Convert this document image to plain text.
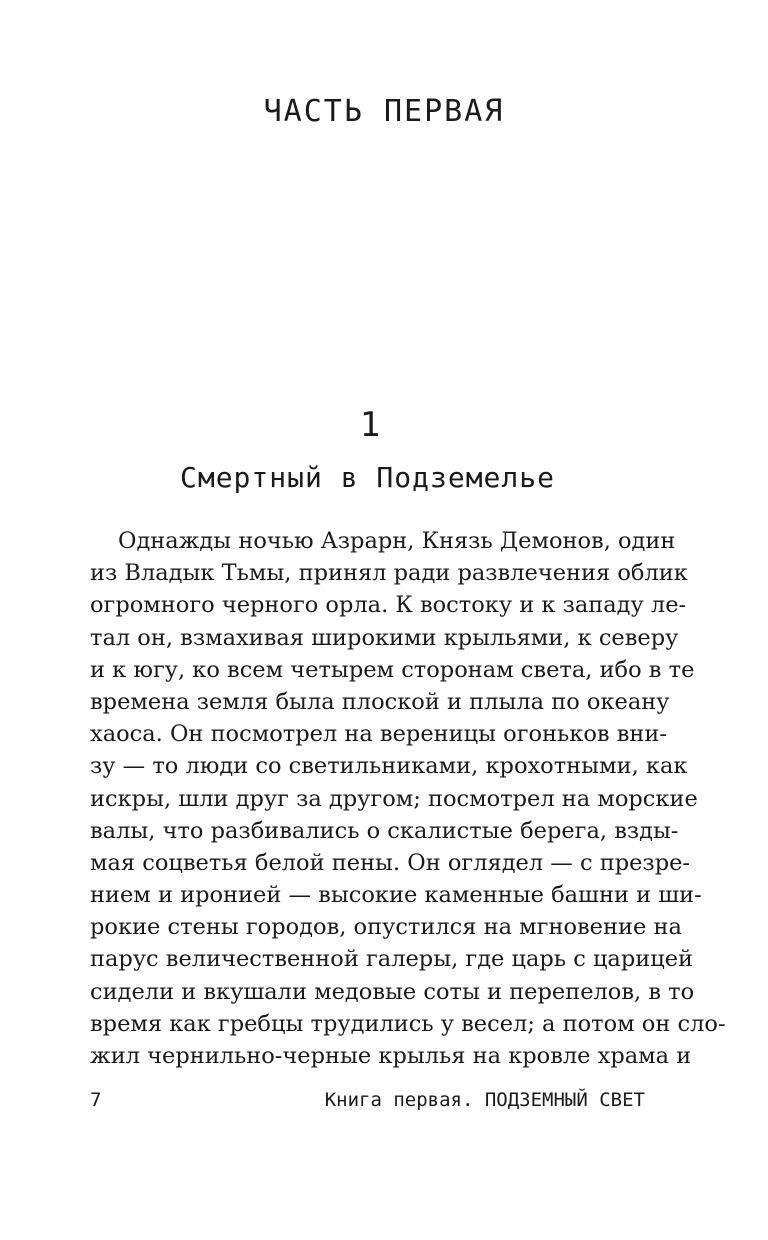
ЧАСТЬ ПЕРВАЯ
1
Смертный в Подземелье
Однажды ночью Азрарн, Князь Демонов, один
из Владык Тьмы, принял ради развлечения облик
огромного черного орла. К востоку и к западу ле-
тал он, взмахивая широкими крыльями, к северу
и к югу, ко всем четырем сторонам света, ибо в те
времена земля была плоской и плыла по океану
хаоса. Он посмотрел на вереницы огоньков вни-
зу — то люди со светильниками, крохотными, как
искры, шли друг за другом; посмотрел на морские
валы, что разбивались о скалистые берега, взды-
мая соцветья белой пены. Он оглядел — с презре-
нием и иронией — высокие каменные башни и ши-
рокие стены городов, опустился на мгновение на
парус величественной галеры, где царь с царицей
сидели и вкушали медовые соты и перепелов, в то
время как гребцы трудились у весел; а потом он сло-
жил чернильно-черные крылья на кровле храма и
7	Книга первая. ПОДЗЕМНЫЙ СВЕТ
